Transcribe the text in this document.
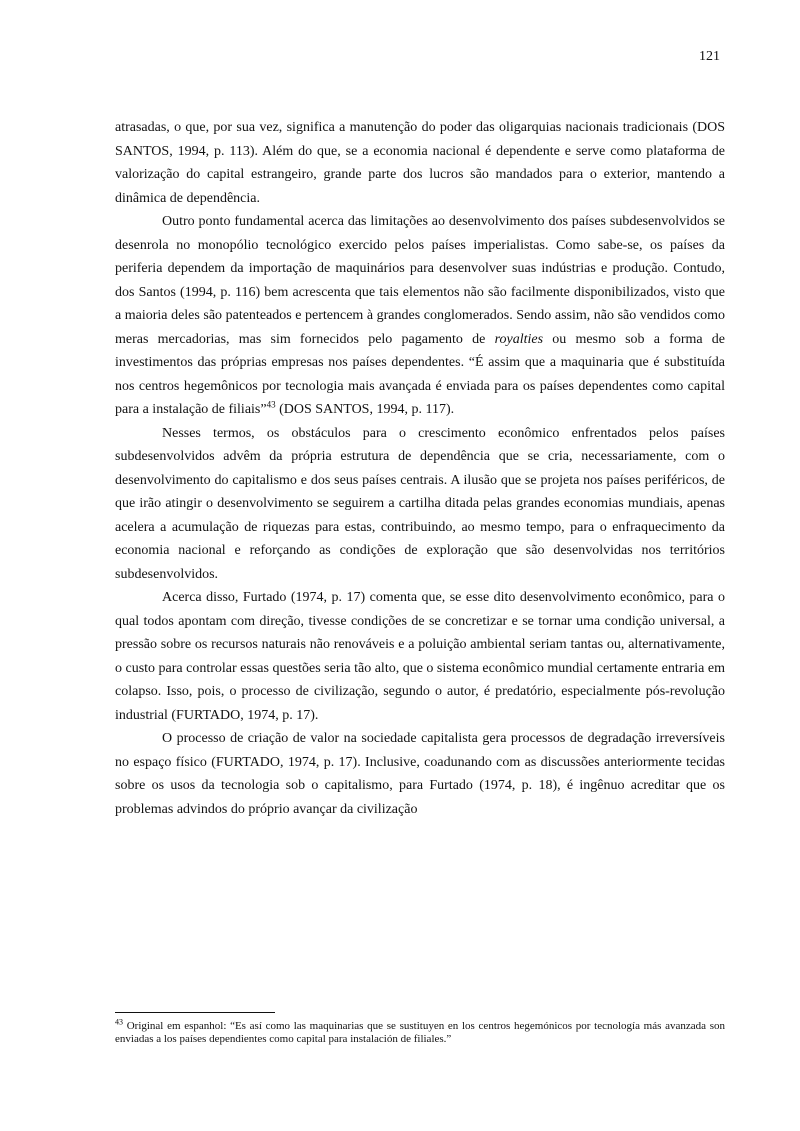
121

atrasadas, o que, por sua vez, significa a manutenção do poder das oligarquias nacionais tradicionais (DOS SANTOS, 1994, p. 113). Além do que, se a economia nacional é dependente e serve como plataforma de valorização do capital estrangeiro, grande parte dos lucros são mandados para o exterior, mantendo a dinâmica de dependência.

Outro ponto fundamental acerca das limitações ao desenvolvimento dos países subdesenvolvidos se desenrola no monopólio tecnológico exercido pelos países imperialistas. Como sabe-se, os países da periferia dependem da importação de maquinários para desenvolver suas indústrias e produção. Contudo, dos Santos (1994, p. 116) bem acrescenta que tais elementos não são facilmente disponibilizados, visto que a maioria deles são patenteados e pertencem à grandes conglomerados. Sendo assim, não são vendidos como meras mercadorias, mas sim fornecidos pelo pagamento de royalties ou mesmo sob a forma de investimentos das próprias empresas nos países dependentes. “É assim que a maquinaria que é substituída nos centros hegemônicos por tecnologia mais avançada é enviada para os países dependentes como capital para a instalação de filiais”$^{43}$ (DOS SANTOS, 1994, p. 117).

Nesses termos, os obstáculos para o crescimento econômico enfrentados pelos países subdesenvolvidos advêm da própria estrutura de dependência que se cria, necessariamente, com o desenvolvimento do capitalismo e dos seus países centrais. A ilusão que se projeta nos países periféricos, de que irão atingir o desenvolvimento se seguirem a cartilha ditada pelas grandes economias mundiais, apenas acelera a acumulação de riquezas para estas, contribuindo, ao mesmo tempo, para o enfraquecimento da economia nacional e reforçando as condições de exploração que são desenvolvidas nos territórios subdesenvolvidos.

Acerca disso, Furtado (1974, p. 17) comenta que, se esse dito desenvolvimento econômico, para o qual todos apontam com direção, tivesse condições de se concretizar e se tornar uma condição universal, a pressão sobre os recursos naturais não renováveis e a poluição ambiental seriam tantas ou, alternativamente, o custo para controlar essas questões seria tão alto, que o sistema econômico mundial certamente entraria em colapso. Isso, pois, o processo de civilização, segundo o autor, é predatório, especialmente pós-revolução industrial (FURTADO, 1974, p. 17).

O processo de criação de valor na sociedade capitalista gera processos de degradação irreversíveis no espaço físico (FURTADO, 1974, p. 17). Inclusive, coadunando com as discussões anteriormente tecidas sobre os usos da tecnologia sob o capitalismo, para Furtado (1974, p. 18), é ingênuo acreditar que os problemas advindos do próprio avançar da civilização

$^{43}$ Original em espanhol: “Es así como las maquinarias que se sustituyen en los centros hegemónicos por tecnología más avanzada son enviadas a los países dependientes como capital para instalación de filiales.”
